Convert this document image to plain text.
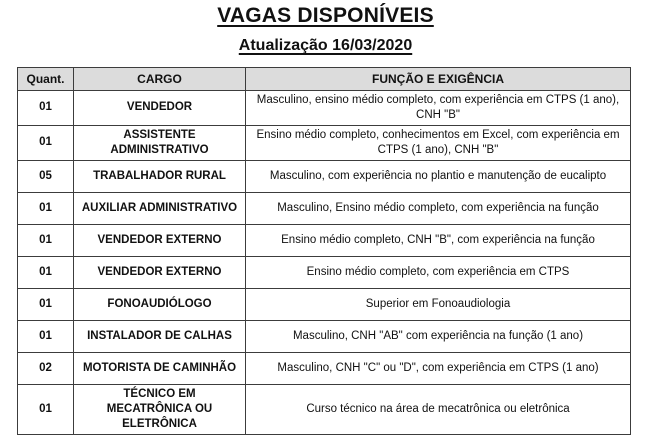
VAGAS DISPONÍVEIS
Atualização 16/03/2020
Quant.	CARGO	FUNÇÃO E EXIGÊNCIA
01	VENDEDOR	Masculino, ensino médio completo, com experiência em CTPS (1 ano), CNH "B"
01	ASSISTENTE ADMINISTRATIVO	Ensino médio completo, conhecimentos em Excel, com experiência em CTPS (1 ano), CNH "B"
05	TRABALHADOR RURAL	Masculino, com experiência no plantio e manutenção de eucalipto
01	AUXILIAR ADMINISTRATIVO	Masculino, Ensino médio completo, com experiência na função
01	VENDEDOR EXTERNO	Ensino médio completo, CNH "B", com experiência na função
01	VENDEDOR EXTERNO	Ensino médio completo, com experiência em CTPS
01	FONOAUDIÓLOGO	Superior em Fonoaudiologia
01	INSTALADOR DE CALHAS	Masculino, CNH "AB" com experiência na função (1 ano)
02	MOTORISTA DE CAMINHÃO	Masculino, CNH "C" ou "D", com experiência em CTPS (1 ano)
01	TÉCNICO EM MECATRÔNICA OU ELETRÔNICA	Curso técnico na área de mecatrônica ou eletrônica
